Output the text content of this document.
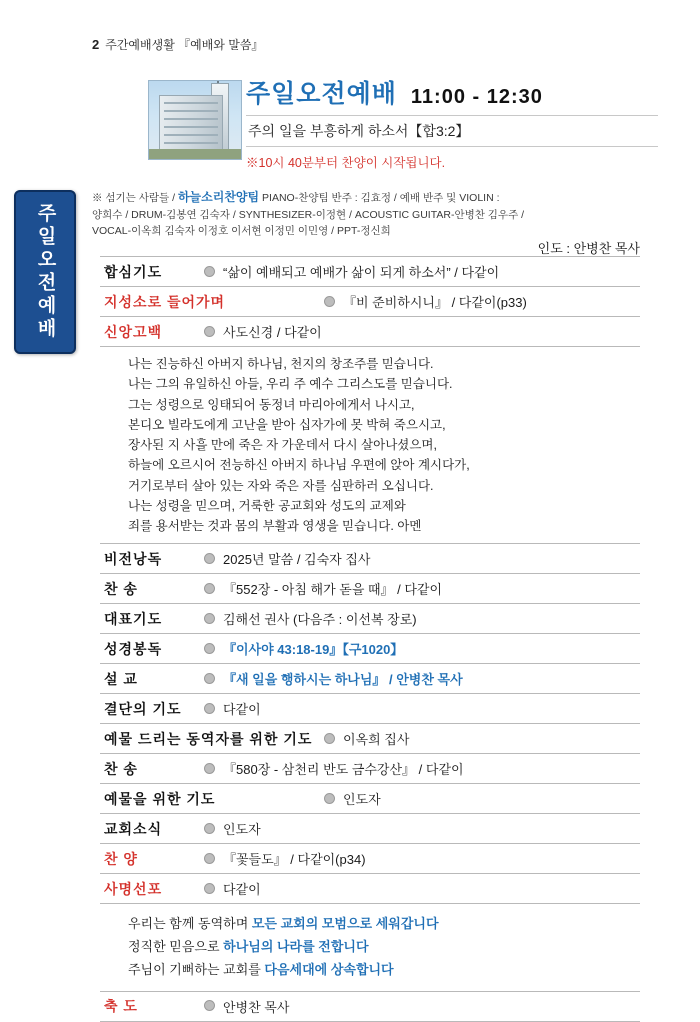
2 주간예배생활 『예배와 말씀』
주일오전예배
주일오전예배 11:00 - 12:30
주의 일을 부흥하게 하소서【합3:2】
※10시 40분부터 찬양이 시작됩니다.
※ 섬기는 사람들 / 하늘소리찬양팀 PIANO-찬양팀 반주 : 김효정 / 예배 반주 및 VIOLIN :
양희수 / DRUM-김봉연 김숙자 / SYNTHESIZER-이정현 / ACOUSTIC GUITAR-안병찬 김우주 /
VOCAL-이옥희 김숙자 이정호 이서현 이정민 이민영 / PPT-정신희
인도 : 안병찬 목사
합심기도	“삶이 예배되고 예배가 삶이 되게 하소서” / 다같이
지성소로 들어가며	『비 준비하시니』 / 다같이(p33)
신앙고백	사도신경 / 다같이
나는 진능하신 아버지 하나님, 천지의 창조주를 믿습니다.
나는 그의 유일하신 아들, 우리 주 예수 그리스도를 믿습니다.
그는 성령으로 잉태되어 동정녀 마리아에게서 나시고,
본디오 빌라도에게 고난을 받아 십자가에 못 박혀 죽으시고,
장사된 지 사흘 만에 죽은 자 가운데서 다시 살아나셨으며,
하늘에 오르시어 전능하신 아버지 하나님 우편에 앉아 계시다가,
거기로부터 살아 있는 자와 죽은 자를 심판하러 오십니다.
나는 성령을 믿으며, 거룩한 공교회와 성도의 교제와
죄를 용서받는 것과 몸의 부활과 영생을 믿습니다. 아멘
비전낭독	2025년 말씀 / 김숙자 집사
찬 송	『552장 - 아침 해가 돋을 때』 / 다같이
대표기도	김해선 권사 (다음주 : 이선복 장로)
성경봉독	『이사야 43:18-19』【구1020】
설 교	『새 일을 행하시는 하나님』 / 안병찬 목사
결단의 기도	다같이
예물 드리는 동역자를 위한 기도	이옥희 집사
찬 송	『580장 - 삼천리 반도 금수강산』 / 다같이
예물을 위한 기도	인도자
교회소식	인도자
찬 양	『꽃들도』 / 다같이(p34)
사명선포	다같이
우리는 함께 동역하며 모든 교회의 모범으로 세워갑니다
정직한 믿음으로 하나님의 나라를 전합니다
주님이 기뻐하는 교회를 다음세대에 상속합니다
축 도	안병찬 목사
